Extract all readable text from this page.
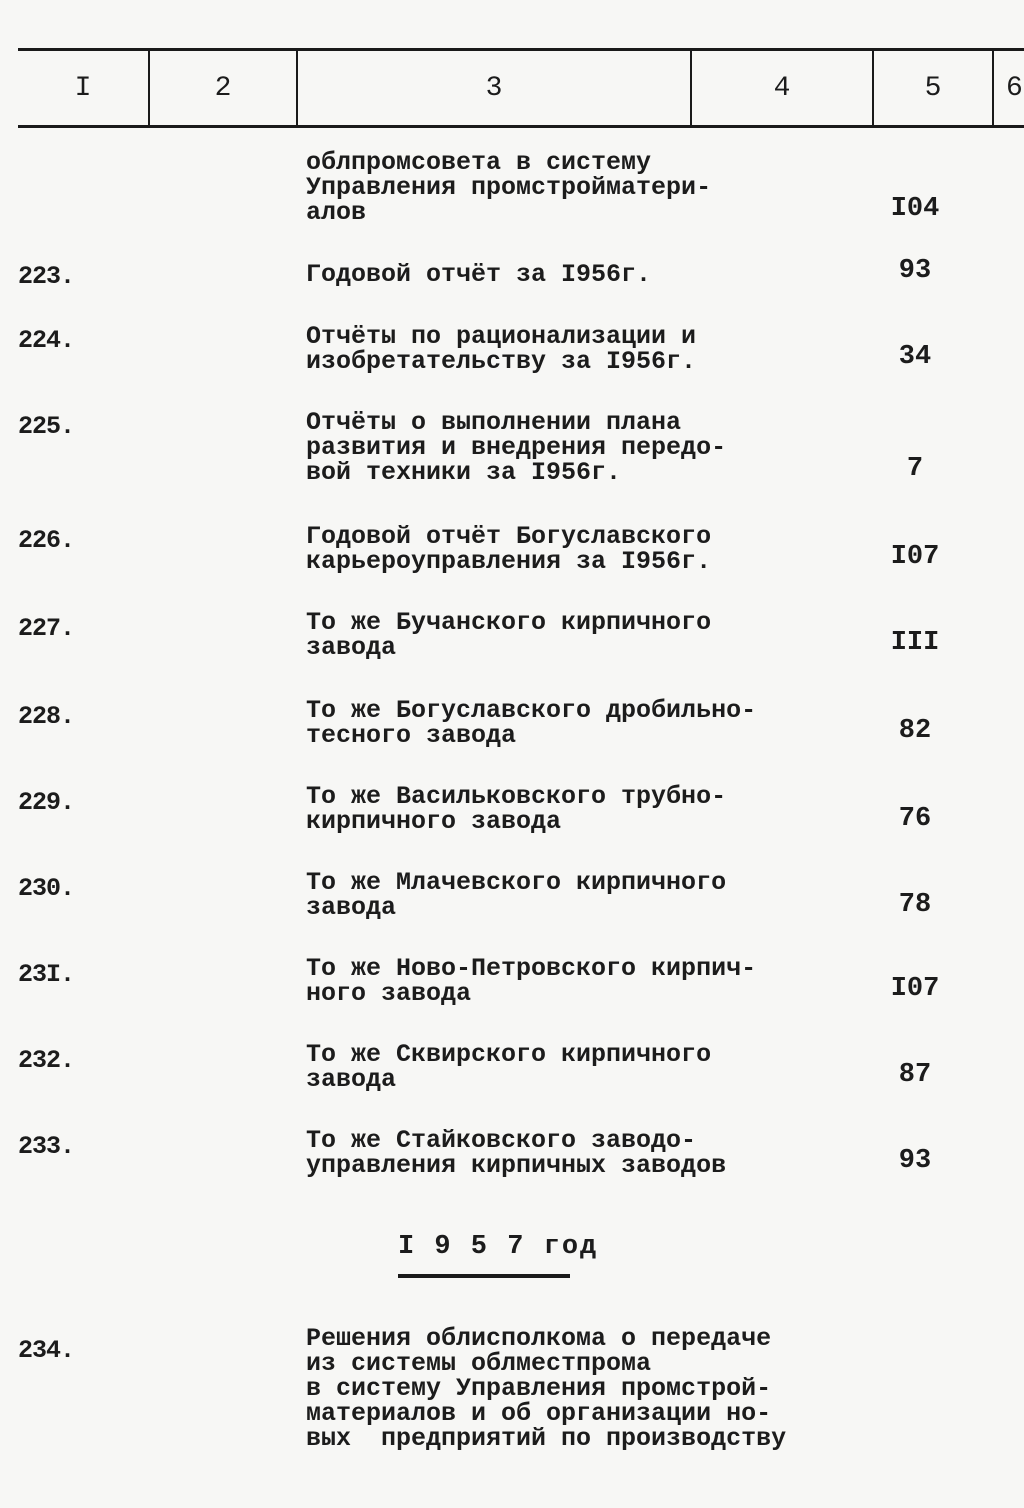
I	2	3	4	5 6
облпромсовета в систему
Управления промстройматери-
алов	I04
223.	Годовой отчёт за I956г.	93
224.	Отчёты по рационализации и
изобретательству за I956г.	34
225.	Отчёты о выполнении плана
развития и внедрения передо-
вой техники за I956г.	7
226.	Годовой отчёт Богуславского
карьероуправления за I956г.	I07
227.	То же Бучанского кирпичного
завода	III
228.	То же Богуславского дробильно-
тесного завода	82
229.	То же Васильковского трубно-
кирпичного завода	76
230.	То же Млачевского кирпичного
завода	78
23I.	То же Ново-Петровского кирпич-
ного завода	I07
232.	То же Сквирского кирпичного
завода	87
233.	То же Стайковского заводо-
управления кирпичных заводов	93
I 9 5 7 год
234.	Решения облисполкома о передаче
из системы облместпрома
в систему Управления промстрой-
материалов и об организации но-
вых  предприятий по производству
